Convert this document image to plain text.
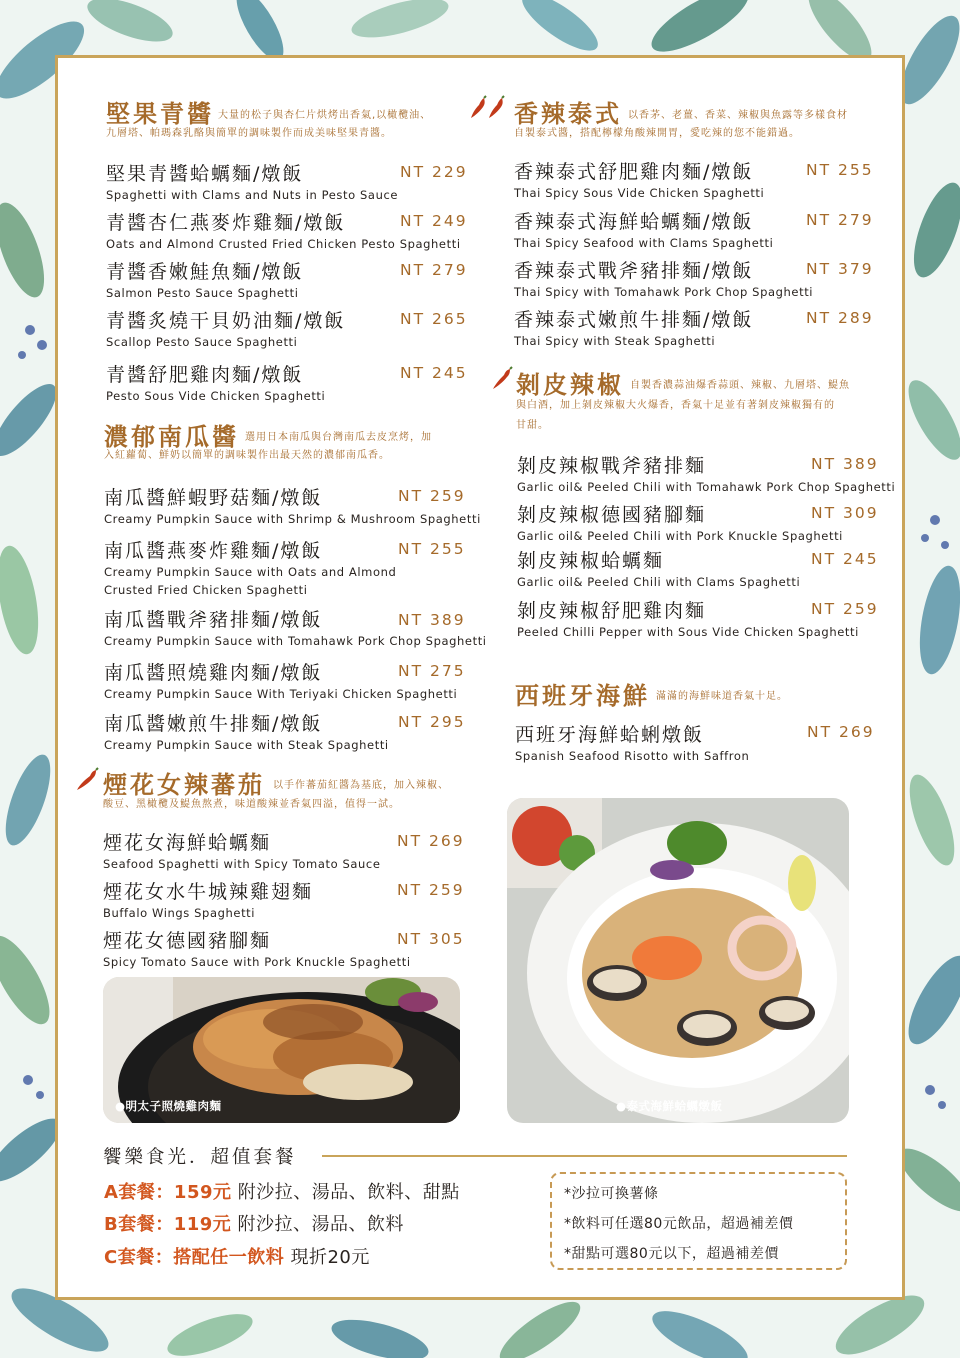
堅果青醬 大量的松子與杏仁片烘烤出香氣,以橄欖油、
九層塔、帕瑪森乳酪與簡單的調味製作而成美味堅果青醬。
堅果青醬蛤蠣麵/燉飯
Spaghetti with Clams and Nuts in Pesto Sauce
NT 229
青醬杏仁燕麥炸雞麵/燉飯
Oats and Almond Crusted Fried Chicken Pesto Spaghetti
NT 249
青醬香嫩鮭魚麵/燉飯
Salmon Pesto Sauce Spaghetti
NT 279
青醬炙燒干貝奶油麵/燉飯
Scallop Pesto Sauce Spaghetti
NT 265
青醬舒肥雞肉麵/燉飯
Pesto Sous Vide Chicken Spaghetti
NT 245
濃郁南瓜醬 選用日本南瓜與台灣南瓜去皮烹烤，加
入紅蘿蔔、鮮奶以簡單的調味製作出最天然的濃郁南瓜香。
南瓜醬鮮蝦野菇麵/燉飯
Creamy Pumpkin Sauce with Shrimp & Mushroom Spaghetti
NT 259
南瓜醬燕麥炸雞麵/燉飯
Creamy Pumpkin Sauce with Oats and Almond
Crusted Fried Chicken Spaghetti
NT 255
南瓜醬戰斧豬排麵/燉飯
Creamy Pumpkin Sauce with Tomahawk Pork Chop Spaghetti
NT 389
南瓜醬照燒雞肉麵/燉飯
Creamy Pumpkin Sauce With Teriyaki Chicken Spaghetti
NT 275
南瓜醬嫩煎牛排麵/燉飯
Creamy Pumpkin Sauce with Steak Spaghetti
NT 295
煙花女辣蕃茄 以手作蕃茄紅醬為基底，加入辣椒、
酸豆、黑橄欖及鯷魚熬煮，味道酸辣並香氣四溢，值得一試。
煙花女海鮮蛤蠣麵
Seafood Spaghetti with Spicy Tomato Sauce
NT 269
煙花女水牛城辣雞翅麵
Buffalo Wings Spaghetti
NT 259
煙花女德國豬腳麵
Spicy Tomato Sauce with Pork Knuckle Spaghetti
NT 305
●明太子照燒雞肉麵
香辣泰式 以香茅、老薑、香菜、辣椒與魚露等多樣食材
自製泰式醬，搭配檸檬角酸辣開胃，愛吃辣的您不能錯過。
香辣泰式舒肥雞肉麵/燉飯
Thai Spicy Sous Vide Chicken Spaghetti
NT 255
香辣泰式海鮮蛤蠣麵/燉飯
Thai Spicy Seafood with Clams Spaghetti
NT 279
香辣泰式戰斧豬排麵/燉飯
Thai Spicy with Tomahawk Pork Chop Spaghetti
NT 379
香辣泰式嫩煎牛排麵/燉飯
Thai Spicy with Steak Spaghetti
NT 289
剝皮辣椒 自製香濃蒜油爆香蒜頭、辣椒、九層塔、鯷魚
與白酒，加上剝皮辣椒大火爆香，香氣十足並有著剝皮辣椒獨有的
甘甜。
剝皮辣椒戰斧豬排麵
Garlic oil& Peeled Chili with Tomahawk Pork Chop Spaghetti
NT 389
剝皮辣椒德國豬腳麵
Garlic oil& Peeled Chili with Pork Knuckle Spaghetti
NT 309
剝皮辣椒蛤蠣麵
Garlic oil& Peeled Chili with Clams Spaghetti
NT 245
剝皮辣椒舒肥雞肉麵
Peeled Chilli Pepper with Sous Vide Chicken Spaghetti
NT 259
西班牙海鮮 滿滿的海鮮味道香氣十足。
西班牙海鮮蛤蜊燉飯
Spanish Seafood Risotto with Saffron
NT 269
●泰式海鮮蛤蠣燉飯
饗樂食光．超值套餐
A套餐：159元 附沙拉、湯品、飲料、甜點
B套餐：119元 附沙拉、湯品、飲料
C套餐：搭配任一飲料 現折20元
*沙拉可換薯條
*飲料可任選80元飲品，超過補差價
*甜點可選80元以下，超過補差價
